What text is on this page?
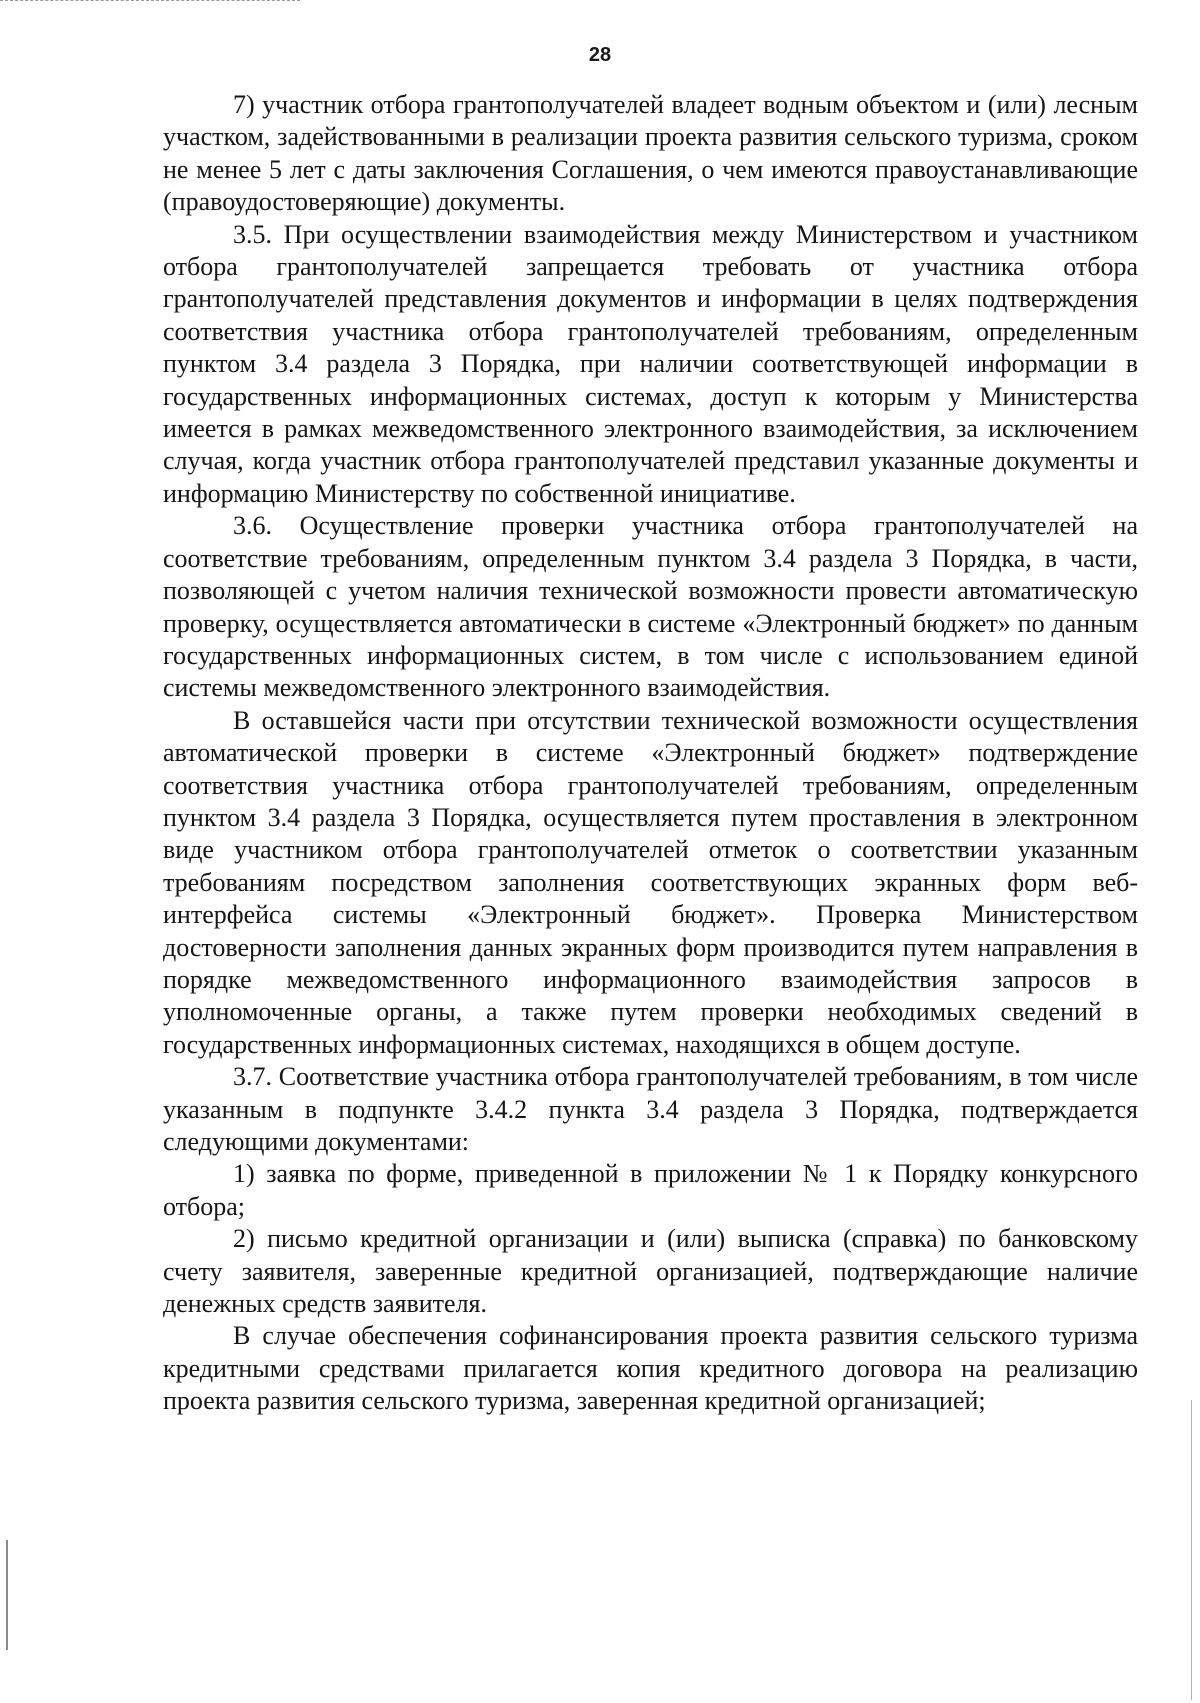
28

7) участник отбора грантополучателей владеет водным объектом и (или) лесным участком, задействованными в реализации проекта развития сельского туризма, сроком не менее 5 лет с даты заключения Соглашения, о чем имеются правоустанавливающие (правоудостоверяющие) документы.

3.5. При осуществлении взаимодействия между Министерством и участником отбора грантополучателей запрещается требовать от участника отбора грантополучателей представления документов и информации в целях подтверждения соответствия участника отбора грантополучателей требованиям, определенным пунктом 3.4 раздела 3 Порядка, при наличии соответствующей информации в государственных информационных системах, доступ к которым у Министерства имеется в рамках межведомственного электронного взаимодействия, за исключением случая, когда участник отбора грантополучателей представил указанные документы и информацию Министерству по собственной инициативе.

3.6. Осуществление проверки участника отбора грантополучателей на соответствие требованиям, определенным пунктом 3.4 раздела 3 Порядка, в части, позволяющей с учетом наличия технической возможности провести автоматическую проверку, осуществляется автоматически в системе «Электронный бюджет» по данным государственных информационных систем, в том числе с использованием единой системы межведомственного электронного взаимодействия.

В оставшейся части при отсутствии технической возможности осуществления автоматической проверки в системе «Электронный бюджет» подтверждение соответствия участника отбора грантополучателей требованиям, определенным пунктом 3.4 раздела 3 Порядка, осуществляется путем проставления в электронном виде участником отбора грантополучателей отметок о соответствии указанным требованиям посредством заполнения соответствующих экранных форм веб-интерфейса системы «Электронный бюджет». Проверка Министерством достоверности заполнения данных экранных форм производится путем направления в порядке межведомственного информационного взаимодействия запросов в уполномоченные органы, а также путем проверки необходимых сведений в государственных информационных системах, находящихся в общем доступе.

3.7. Соответствие участника отбора грантополучателей требованиям, в том числе указанным в подпункте 3.4.2 пункта 3.4 раздела 3 Порядка, подтверждается следующими документами:

1) заявка по форме, приведенной в приложении № 1 к Порядку конкурсного отбора;

2) письмо кредитной организации и (или) выписка (справка) по банковскому счету заявителя, заверенные кредитной организацией, подтверждающие наличие денежных средств заявителя.

В случае обеспечения софинансирования проекта развития сельского туризма кредитными средствами прилагается копия кредитного договора на реализацию проекта развития сельского туризма, заверенная кредитной организацией;
